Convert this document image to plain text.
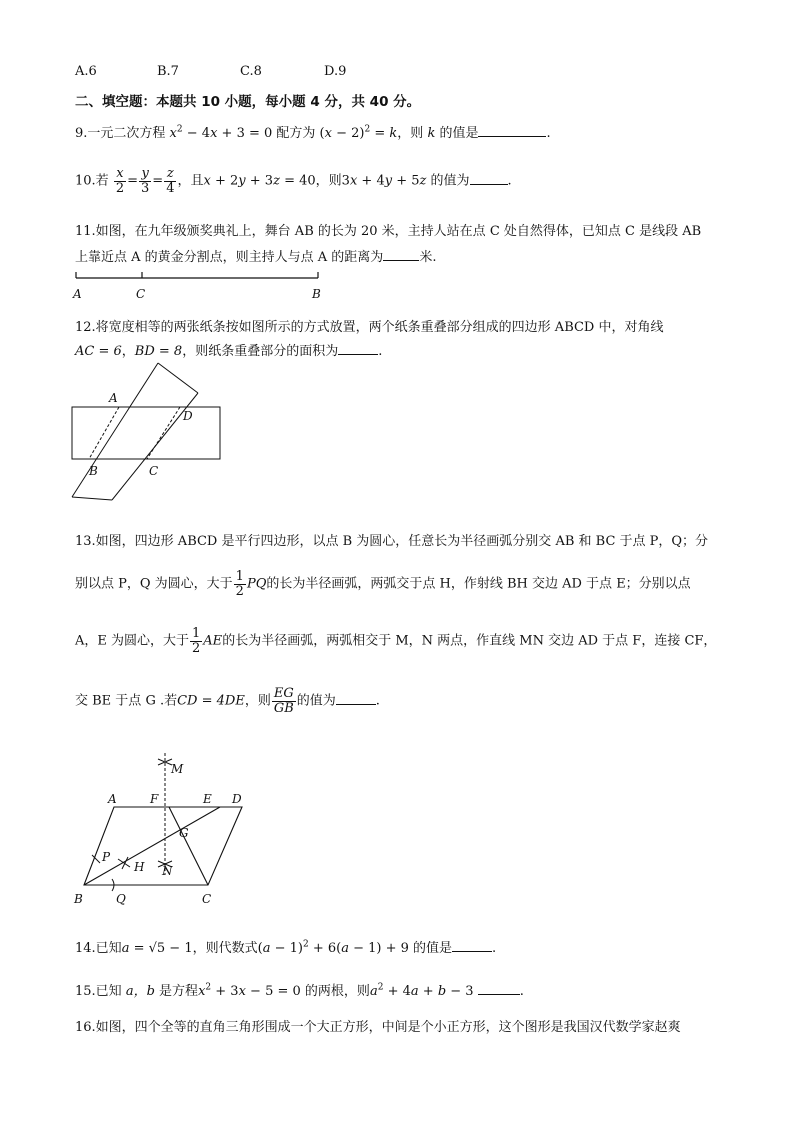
A.6	B.7	C.8	D.9
二、填空题：本题共 10 小题，每小题 4 分，共 40 分。
9.一元二次方程 $x^2 - 4x + 3 = 0$ 配方为 $(x - 2)^2 = k$，则 k 的值是	.
10.若 $\frac{x}{2} = \frac{y}{3} = \frac{z}{4}$ ，且x + 2y + 3z = 40，则3x + 4y + 5z 的值为	.
11.如图，在九年级颁奖典礼上，舞台 AB 的长为 20 米，主持人站在点 C 处自然得体，已知点 C 是线段 AB
上靠近点 A 的黄金分割点，则主持人与点 A 的距离为	米.
A	C	B
12.将宽度相等的两张纸条按如图所示的方式放置，两个纸条重叠部分组成的四边形 ABCD 中，对角线
AC = 6，BD = 8，则纸条重叠部分的面积为	.
A
D
B	C
13.如图，四边形 ABCD 是平行四边形，以点 B 为圆心，任意长为半径画弧分别交 AB 和 BC 于点 P，Q；分
别以点 P，Q 为圆心，大于 $\frac{1}{2}$ PQ的长为半径画弧，两弧交于点 H，作射线 BH 交边 AD 于点 E；分别以点
A，E 为圆心，大于 $\frac{1}{2}$ AE的长为半径画弧，两弧相交于 M，N 两点，作直线 MN 交边 AD 于点 F，连接 CF，
交 BE 于点 G .若CD = 4DE，则 $\frac{EG}{GB}$ 的值为	.
M
A	F	E D
G
P
H N
B	Q	C
14.已知a = √5 − 1，则代数式$(a - 1)^2 + 6(a - 1) + 9$ 的值是	.
15.已知 a，b 是方程$x^2 + 3x - 5 = 0$ 的两根，则$a^2 + 4a + b - 3$	.
16.如图，四个全等的直角三角形围成一个大正方形，中间是个小正方形，这个图形是我国汉代数学家赵爽
